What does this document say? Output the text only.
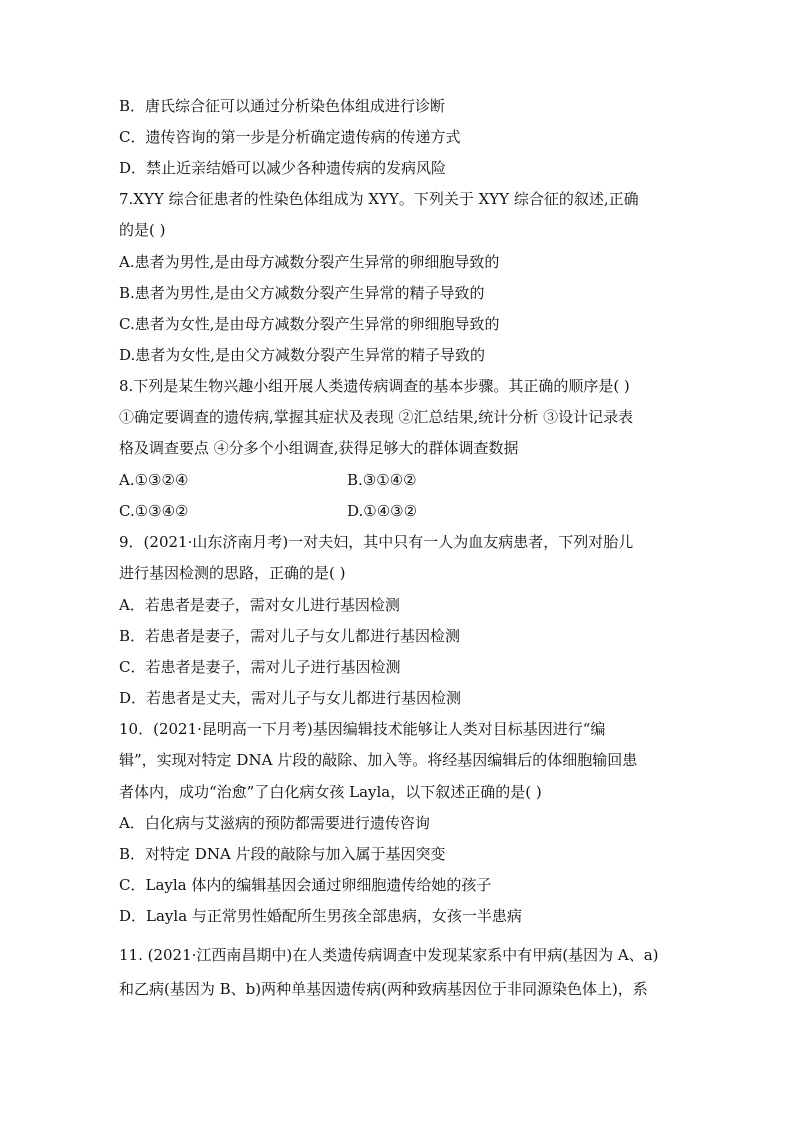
B．唐氏综合征可以通过分析染色体组成进行诊断
C．遗传咨询的第一步是分析确定遗传病的传递方式
D．禁止近亲结婚可以减少各种遗传病的发病风险
7.XYY 综合征患者的性染色体组成为 XYY。下列关于 XYY 综合征的叙述,正确
的是( )
A.患者为男性,是由母方减数分裂产生异常的卵细胞导致的
B.患者为男性,是由父方减数分裂产生异常的精子导致的
C.患者为女性,是由母方减数分裂产生异常的卵细胞导致的
D.患者为女性,是由父方减数分裂产生异常的精子导致的
8.下列是某生物兴趣小组开展人类遗传病调查的基本步骤。其正确的顺序是( )
①确定要调查的遗传病,掌握其症状及表现 ②汇总结果,统计分析 ③设计记录表
格及调查要点 ④分多个小组调查,获得足够大的群体调查数据
A.①③②④	B.③①④②
C.①③④②	D.①④③②
9．(2021·山东济南月考)一对夫妇，其中只有一人为血友病患者，下列对胎儿
进行基因检测的思路，正确的是( )
A．若患者是妻子，需对女儿进行基因检测
B．若患者是妻子，需对儿子与女儿都进行基因检测
C．若患者是妻子，需对儿子进行基因检测
D．若患者是丈夫，需对儿子与女儿都进行基因检测
10．(2021·昆明高一下月考)基因编辑技术能够让人类对目标基因进行“编
辑”，实现对特定 DNA 片段的敲除、加入等。将经基因编辑后的体细胞输回患
者体内，成功“治愈”了白化病女孩 Layla，以下叙述正确的是( )
A．白化病与艾滋病的预防都需要进行遗传咨询
B．对特定 DNA 片段的敲除与加入属于基因突变
C．Layla 体内的编辑基因会通过卵细胞遗传给她的孩子
D．Layla 与正常男性婚配所生男孩全部患病，女孩一半患病
11. (2021·江西南昌期中)在人类遗传病调查中发现某家系中有甲病(基因为 A、a)
和乙病(基因为 B、b)两种单基因遗传病(两种致病基因位于非同源染色体上)，系
